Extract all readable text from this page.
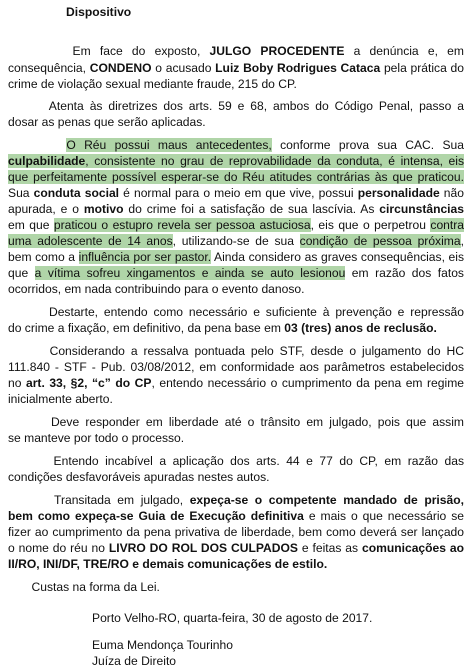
Dispositivo
Em face do exposto, JULGO PROCEDENTE a denúncia e, em
consequência, CONDENO o acusado Luiz Boby Rodrigues Cataca pela prática do
crime de violação sexual mediante fraude, 215 do CP.
Atenta às diretrizes dos arts. 59 e 68, ambos do Código Penal, passo a
dosar as penas que serão aplicadas.
O Réu possui maus antecedentes, conforme prova sua CAC. Sua
culpabilidade, consistente no grau de reprovabilidade da conduta, é intensa, eis
que perfeitamente possível esperar-se do Réu atitudes contrárias às que praticou.
Sua conduta social é normal para o meio em que vive, possui personalidade não
apurada, e o motivo do crime foi a satisfação de sua lascívia. As circunstâncias
em que praticou o estupro revela ser pessoa astuciosa, eis que o perpetrou contra
uma adolescente de 14 anos, utilizando-se de sua condição de pessoa próxima,
bem como a influência por ser pastor. Ainda considero as graves consequências, eis
que a vítima sofreu xingamentos e ainda se auto lesionou em razão dos fatos
ocorridos, em nada contribuindo para o evento danoso.
Destarte, entendo como necessário e suficiente à prevenção e repressão
do crime a fixação, em definitivo, da pena base em 03 (tres) anos de reclusão.
Considerando a ressalva pontuada pelo STF, desde o julgamento do HC
111.840 - STF - Pub. 03/08/2012, em conformidade aos parâmetros estabelecidos
no art. 33, §2, “c” do CP, entendo necessário o cumprimento da pena em regime
inicialmente aberto.
Deve responder em liberdade até o trânsito em julgado, pois que assim
se manteve por todo o processo.
Entendo incabível a aplicação dos arts. 44 e 77 do CP, em razão das
condições desfavoráveis apuradas nestes autos.
Transitada em julgado, expeça-se o competente mandado de prisão,
bem como expeça-se Guia de Execução definitiva e mais o que necessário se
fizer ao cumprimento da pena privativa de liberdade, bem como deverá ser lançado
o nome do réu no LIVRO DO ROL DOS CULPADOS e feitas as comunicações ao
II/RO, INI/DF, TRE/RO e demais comunicações de estilo.
Custas na forma da Lei.
Porto Velho-RO, quarta-feira, 30 de agosto de 2017.
Euma Mendonça Tourinho
Juíza de Direito
